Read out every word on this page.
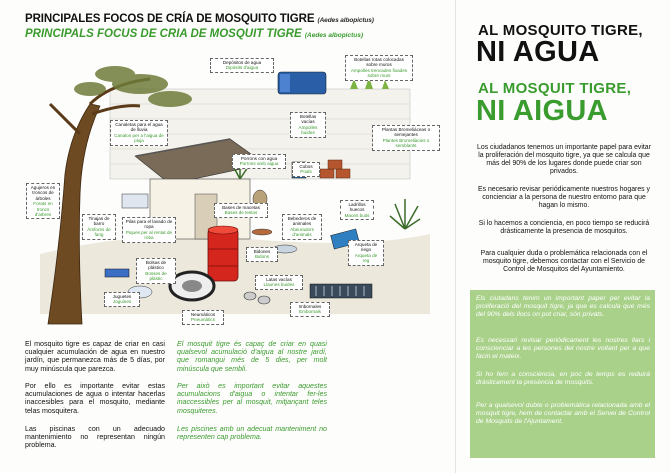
PRINCIPALES FOCOS DE CRÍA DE MOSQUITO TIGRE (Aedes albopictus)
PRINCIPALS FOCUS DE CRIA DE MOSQUIT TIGRE (Aedes albopictus)
Depósitos de agua
Dipòsits d'aigua
Botellas rotas colocadas sobre muros
Ampolles trencades fixades sobre murs
Canaletas para el agua de lluvia
Canalon per a l'aigua de pluja
Botellas vacías
Ampolles buides
Plantas Bromeliáceas o semejantes
Plantes Bromeliàcies o semblants
Agujeros en troncos de árboles
Forats en troncs d'arbres
Porrons con agua
Porrons amb aigua
Cubos
Poals
Bases de macetas
Bases de testos
Ladrillos huecos
Maons buits
Tinajas de barro
Àmfores de fang
Pilas para el lavado de ropa
Piques per al rentat de roba
Bebederos de animales
Abeuradors d'animals
Arqueta de riego
Arqueta de reg
Bolsas de plástico
Bosses de plàstic
Bidones
Bidons
Latas vacías
Llaunes buides
Juguetes
Joguines
Neumáticos
Pneumàtics
Imbornales
Embornals
El mosquito tigre es capaz de criar en casi cualquier acumulación de agua en nuestro jardín, que permanezca más de 5 días, por muy minúscula que parezca.
Por ello es importante evitar estas acumulaciones de agua o intentar hacerlas inaccesibles para el mosquito, mediante telas mosquitera.
Las piscinas con un adecuado mantenimiento no representan ningún problema.
El mosquit tigre és capaç de criar en quasi qualsevol acumulació d'aigua al nostre jardí, que romangui més de 5 dies, per molt minúscula que sembli.
Per això es important evitar aquestes acumulacions d'aigua o intentar fer-les inaccessibles per al mosquit, mitjançant teles mosquiteres.
Les piscines amb un adecuat manteniment no representen cap problema.
AL MOSQUITO TIGRE,
NI AGUA
AL MOSQUIT TIGRE,
NI AIGUA
Los ciudadanos tenemos un importante papel para evitar la proliferación del mosquito tigre, ya que se calcula que más del 90% de los lugares donde puede criar son privados.
Es necesario revisar periódicamente nuestros hogares y concienciar a la persona de nuestro entorno para que hagan lo mismo.
Si lo hacemos a conciencia, en poco tiempo se reducirá drásticamente la presencia de mosquitos.
Para cualquier duda o problemática relacionada con el mosquito tigre, debemos contactar con el Servicio de Control de Mosquitos del Ayuntamiento.
Els ciutadans tenim un important paper per evitar la proliferació del mosquit tigre, ja que es calcula que més del 90% dels llocs on pot criar, són privats.
Es necessari revisar periòdicament les nostres llars i conscienciar a les persones del nostre voltant per a que facin el mateix.
Si ho fem a consciència, en poc de temps es reduirà dràsticament la presència de mosquits.
Per a qualsevol dubte o problemàtica relacionada amb el mosquit tigre, hem de contactar amb el Servei de Control de Mosquits de l'Ajuntament.
